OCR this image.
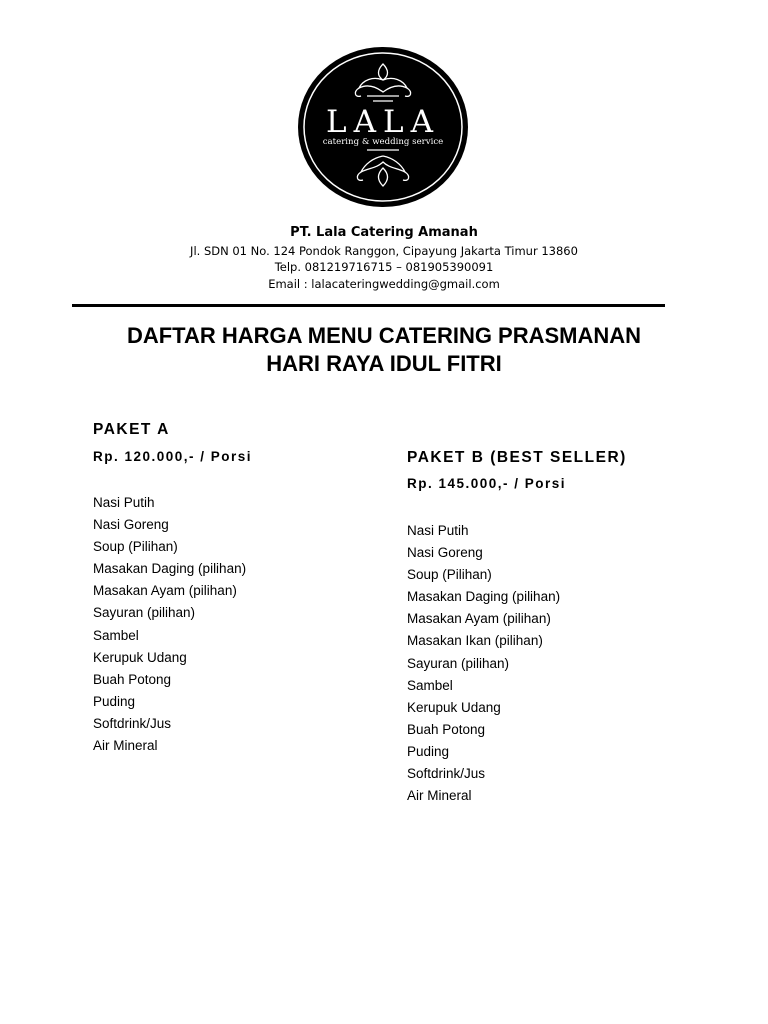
LALA
catering & wedding service
PT. Lala Catering Amanah
Jl. SDN 01 No. 124 Pondok Ranggon, Cipayung Jakarta Timur 13860
Telp. 081219716715 – 081905390091
Email : lalacateringwedding@gmail.com
DAFTAR HARGA MENU CATERING PRASMANAN
HARI RAYA IDUL FITRI
PAKET A
Rp. 120.000,- / Porsi
Nasi Putih
Nasi Goreng
Soup (Pilihan)
Masakan Daging (pilihan)
Masakan Ayam (pilihan)
Sayuran (pilihan)
Sambel
Kerupuk Udang
Buah Potong
Puding
Softdrink/Jus
Air Mineral
PAKET B (BEST SELLER)
Rp. 145.000,- / Porsi
Nasi Putih
Nasi Goreng
Soup (Pilihan)
Masakan Daging (pilihan)
Masakan Ayam (pilihan)
Masakan Ikan (pilihan)
Sayuran (pilihan)
Sambel
Kerupuk Udang
Buah Potong
Puding
Softdrink/Jus
Air Mineral
